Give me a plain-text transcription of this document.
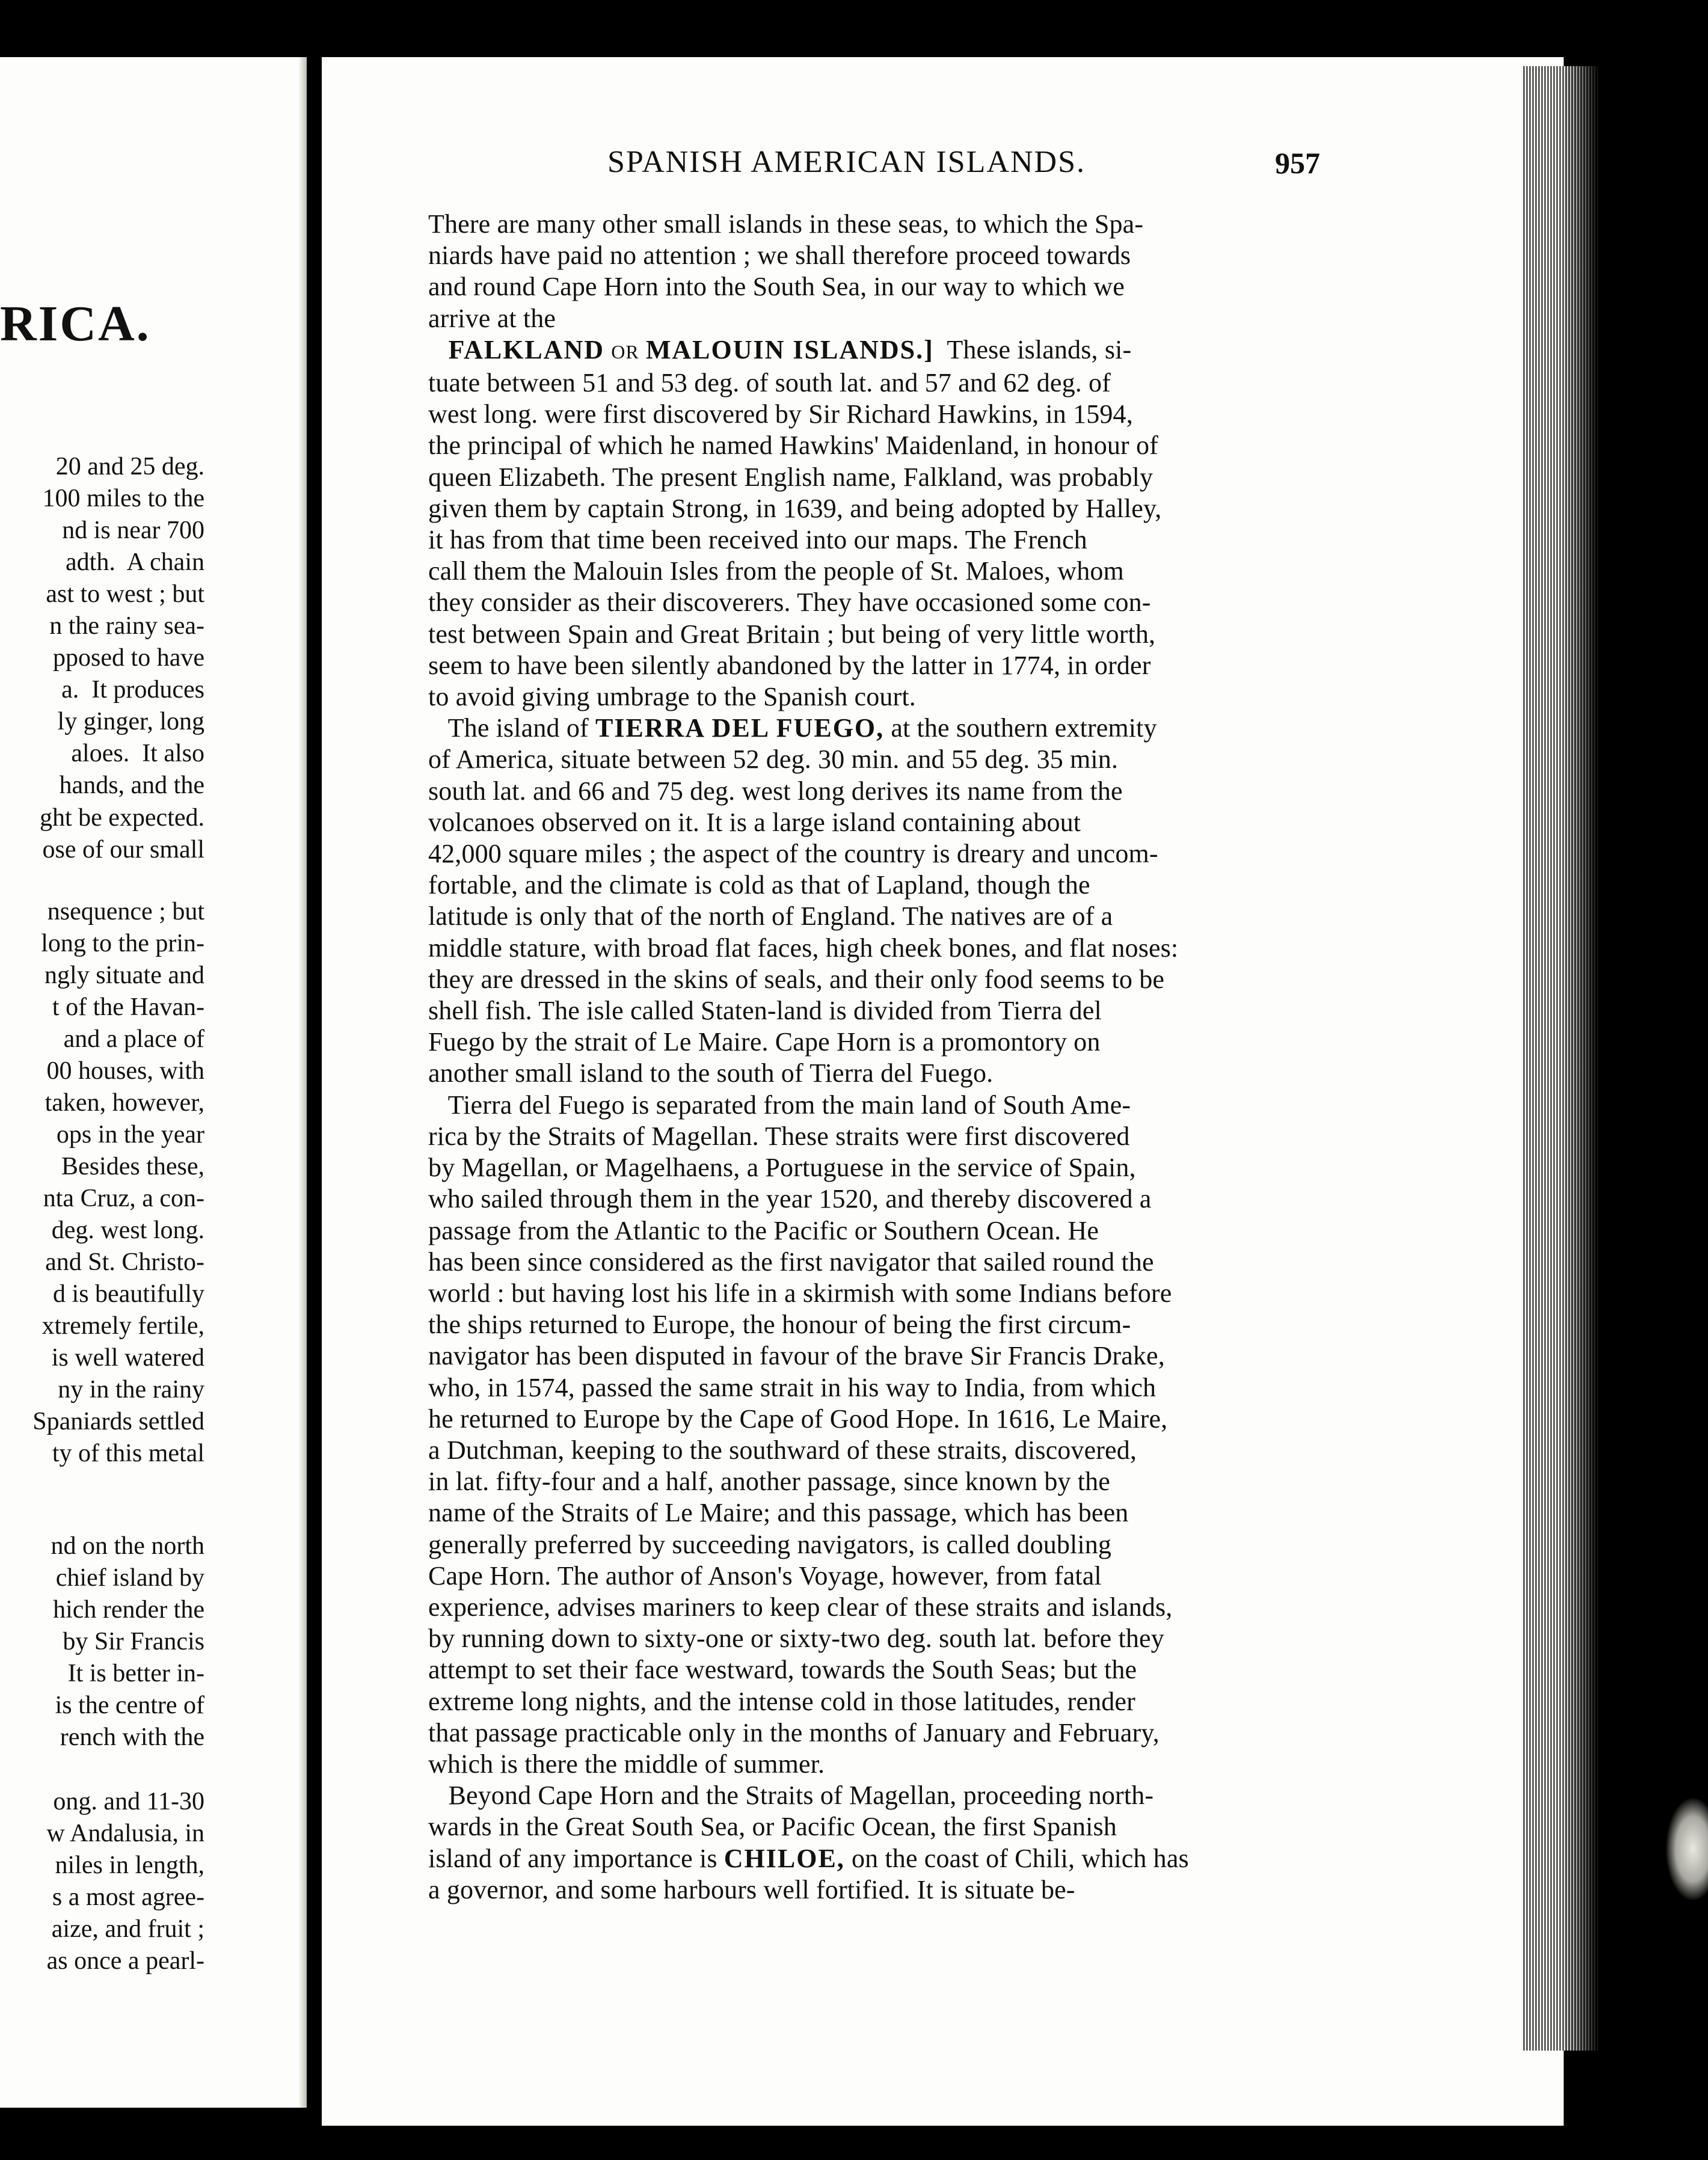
RICA.
20 and 25 deg.
100 miles to the
nd is near 700
adth.  A chain
ast to west ; but
n the rainy sea-
pposed to have
a.  It produces
ly ginger, long
aloes.  It also
hands, and the
ght be expected.
ose of our small
nsequence ; but
long to the prin-
ngly situate and
t of the Havan-
and a place of
00 houses, with
taken, however,
ops in the year
Besides these,
nta Cruz, a con-
deg. west long.
and St. Christo-
d is beautifully
xtremely fertile,
is well watered
ny in the rainy
Spaniards settled
ty of this metal
nd on the north
chief island by
hich render the
by Sir Francis
It is better in-
is the centre of
rench with the
ong. and 11-30
w Andalusia, in
niles in length,
s a most agree-
aize, and fruit ;
as once a pearl-
SPANISH AMERICAN ISLANDS.	957
There are many other small islands in these seas, to which the Spa-
niards have paid no attention ; we shall therefore proceed towards
and round Cape Horn into the South Sea, in our way to which we
arrive at the
FALKLAND OR MALOUIN ISLANDS.] These islands, si-
tuate between 51 and 53 deg. of south lat. and 57 and 62 deg. of
west long. were first discovered by Sir Richard Hawkins, in 1594,
the principal of which he named Hawkins' Maidenland, in honour of
queen Elizabeth. The present English name, Falkland, was probably
given them by captain Strong, in 1639, and being adopted by Halley,
it has from that time been received into our maps. The French
call them the Malouin Isles from the people of St. Maloes, whom
they consider as their discoverers. They have occasioned some con-
test between Spain and Great Britain ; but being of very little worth,
seem to have been silently abandoned by the latter in 1774, in order
to avoid giving umbrage to the Spanish court.
The island of TIERRA DEL FUEGO, at the southern extremity
of America, situate between 52 deg. 30 min. and 55 deg. 35 min.
south lat. and 66 and 75 deg. west long derives its name from the
volcanoes observed on it. It is a large island containing about
42,000 square miles ; the aspect of the country is dreary and uncom-
fortable, and the climate is cold as that of Lapland, though the
latitude is only that of the north of England. The natives are of a
middle stature, with broad flat faces, high cheek bones, and flat noses:
they are dressed in the skins of seals, and their only food seems to be
shell fish. The isle called Staten-land is divided from Tierra del
Fuego by the strait of Le Maire. Cape Horn is a promontory on
another small island to the south of Tierra del Fuego.
Tierra del Fuego is separated from the main land of South Ame-
rica by the Straits of Magellan. These straits were first discovered
by Magellan, or Magelhaens, a Portuguese in the service of Spain,
who sailed through them in the year 1520, and thereby discovered a
passage from the Atlantic to the Pacific or Southern Ocean. He
has been since considered as the first navigator that sailed round the
world : but having lost his life in a skirmish with some Indians before
the ships returned to Europe, the honour of being the first circum-
navigator has been disputed in favour of the brave Sir Francis Drake,
who, in 1574, passed the same strait in his way to India, from which
he returned to Europe by the Cape of Good Hope. In 1616, Le Maire,
a Dutchman, keeping to the southward of these straits, discovered,
in lat. fifty-four and a half, another passage, since known by the
name of the Straits of Le Maire; and this passage, which has been
generally preferred by succeeding navigators, is called doubling
Cape Horn. The author of Anson's Voyage, however, from fatal
experience, advises mariners to keep clear of these straits and islands,
by running down to sixty-one or sixty-two deg. south lat. before they
attempt to set their face westward, towards the South Seas; but the
extreme long nights, and the intense cold in those latitudes, render
that passage practicable only in the months of January and February,
which is there the middle of summer.
Beyond Cape Horn and the Straits of Magellan, proceeding north-
wards in the Great South Sea, or Pacific Ocean, the first Spanish
island of any importance is CHILOE, on the coast of Chili, which has
a governor, and some harbours well fortified. It is situate be-
